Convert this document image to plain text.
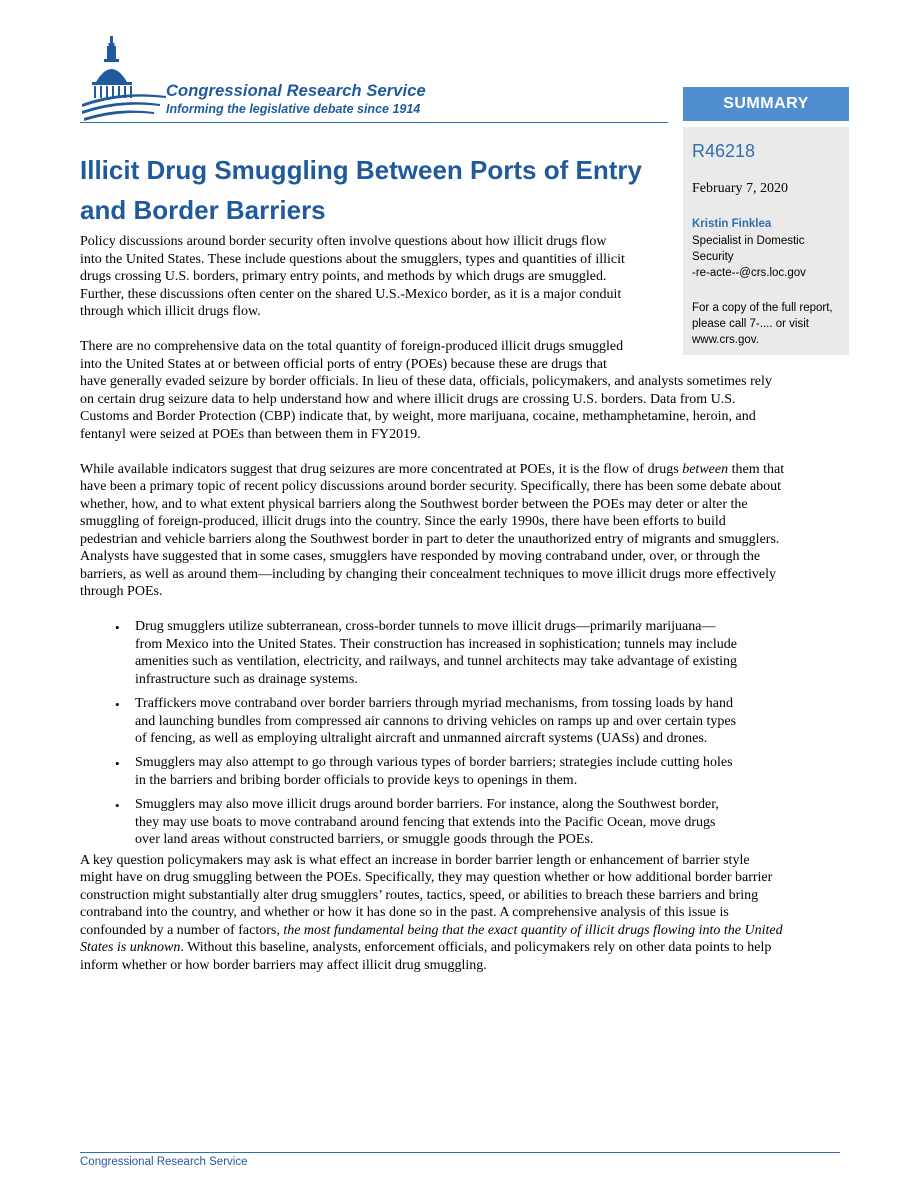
Congressional Research Service
Informing the legislative debate since 1914	SUMMARY
R46218
February 7, 2020
Kristin Finklea
Specialist in Domestic
Security
-re-acte--@crs.loc.gov
For a copy of the full report,
please call 7-.... or visit
www.crs.gov.
Illicit Drug Smuggling Between Ports of Entry
and Border Barriers
Policy discussions around border security often involve questions about how illicit drugs flow
into the United States. These include questions about the smugglers, types and quantities of illicit
drugs crossing U.S. borders, primary entry points, and methods by which drugs are smuggled.
Further, these discussions often center on the shared U.S.-Mexico border, as it is a major conduit
through which illicit drugs flow.
There are no comprehensive data on the total quantity of foreign-produced illicit drugs smuggled
into the United States at or between official ports of entry (POEs) because these are drugs that
have generally evaded seizure by border officials. In lieu of these data, officials, policymakers, and analysts sometimes rely
on certain drug seizure data to help understand how and where illicit drugs are crossing U.S. borders. Data from U.S.
Customs and Border Protection (CBP) indicate that, by weight, more marijuana, cocaine, methamphetamine, heroin, and
fentanyl were seized at POEs than between them in FY2019.
While available indicators suggest that drug seizures are more concentrated at POEs, it is the flow of drugs between them that
have been a primary topic of recent policy discussions around border security. Specifically, there has been some debate about
whether, how, and to what extent physical barriers along the Southwest border between the POEs may deter or alter the
smuggling of foreign-produced, illicit drugs into the country. Since the early 1990s, there have been efforts to build
pedestrian and vehicle barriers along the Southwest border in part to deter the unauthorized entry of migrants and smugglers.
Analysts have suggested that in some cases, smugglers have responded by moving contraband under, over, or through the
barriers, as well as around them—including by changing their concealment techniques to move illicit drugs more effectively
through POEs.
• Drug smugglers utilize subterranean, cross-border tunnels to move illicit drugs—primarily marijuana—
from Mexico into the United States. Their construction has increased in sophistication; tunnels may include
amenities such as ventilation, electricity, and railways, and tunnel architects may take advantage of existing
infrastructure such as drainage systems.
• Traffickers move contraband over border barriers through myriad mechanisms, from tossing loads by hand
and launching bundles from compressed air cannons to driving vehicles on ramps up and over certain types
of fencing, as well as employing ultralight aircraft and unmanned aircraft systems (UASs) and drones.
• Smugglers may also attempt to go through various types of border barriers; strategies include cutting holes
in the barriers and bribing border officials to provide keys to openings in them.
• Smugglers may also move illicit drugs around border barriers. For instance, along the Southwest border,
they may use boats to move contraband around fencing that extends into the Pacific Ocean, move drugs
over land areas without constructed barriers, or smuggle goods through the POEs.
A key question policymakers may ask is what effect an increase in border barrier length or enhancement of barrier style
might have on drug smuggling between the POEs. Specifically, they may question whether or how additional border barrier
construction might substantially alter drug smugglers’ routes, tactics, speed, or abilities to breach these barriers and bring
contraband into the country, and whether or how it has done so in the past. A comprehensive analysis of this issue is
confounded by a number of factors, the most fundamental being that the exact quantity of illicit drugs flowing into the United
States is unknown. Without this baseline, analysts, enforcement officials, and policymakers rely on other data points to help
inform whether or how border barriers may affect illicit drug smuggling.
Congressional Research Service
